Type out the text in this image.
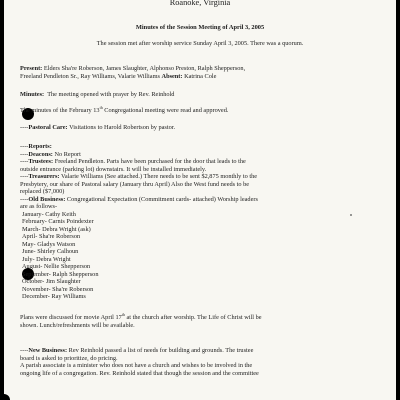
Roanoke, Virginia

Minutes of the Session Meeting of April 3, 2005

The session met after worship service Sunday April 3, 2005. There was a quorum.

Present: Elders Sha're Roberson, James Slaughter, Alphonso Preston, Ralph Shepperson,

Freeland Pendleton Sr., Ray Williams, Valarie Williams Absent: Katrina Cole

Minutes: The meeting opened with prayer by Rev. Reinhold

The minutes of the February 13th Congregational meeting were read and approved.

----Pastoral Care: Visitations to Harold Robertson by pastor.

----Reports:

----Deacons: No Report

----Trustees: Freeland Pendleton. Parts have been purchased for the door that leads to the

outside entrance (parking lot) downstairs. It will be installed immediately.

----Treasurers: Valarie Williams (See attached.) There needs to be sent $2,875 monthly to the

Presbytery, our share of Pastoral salary (January thru April) Also the West fund needs to be

replaced ($7,000)

----Old Business: Congregational Expectation (Commitment cards- attached) Worship leaders

are as follows-

January- Cathy Keith

February- Carnis Poindexter

March- Debra Wright (ask)

April- Sha're Roberson

May- Gladys Watson

June- Shirley Calhoun

July- Debra Wright

August- Nellie Shepperson

September- Ralph Shepperson

October- Jim Slaughter

November- Sha're Roberson

December- Ray Williams

Plans were discussed for movie April 17th at the church after worship. The Life of Christ will be

shown. Lunch/refreshments will be available.

----New Business: Rev Reinhold passed a list of needs for building and grounds. The trustee

board is asked to prioritize, do pricing.

A parish associate is a minister who does not have a church and wishes to be involved in the

ongoing life of a congregation. Rev. Reinhold stated that though the session and the committee
